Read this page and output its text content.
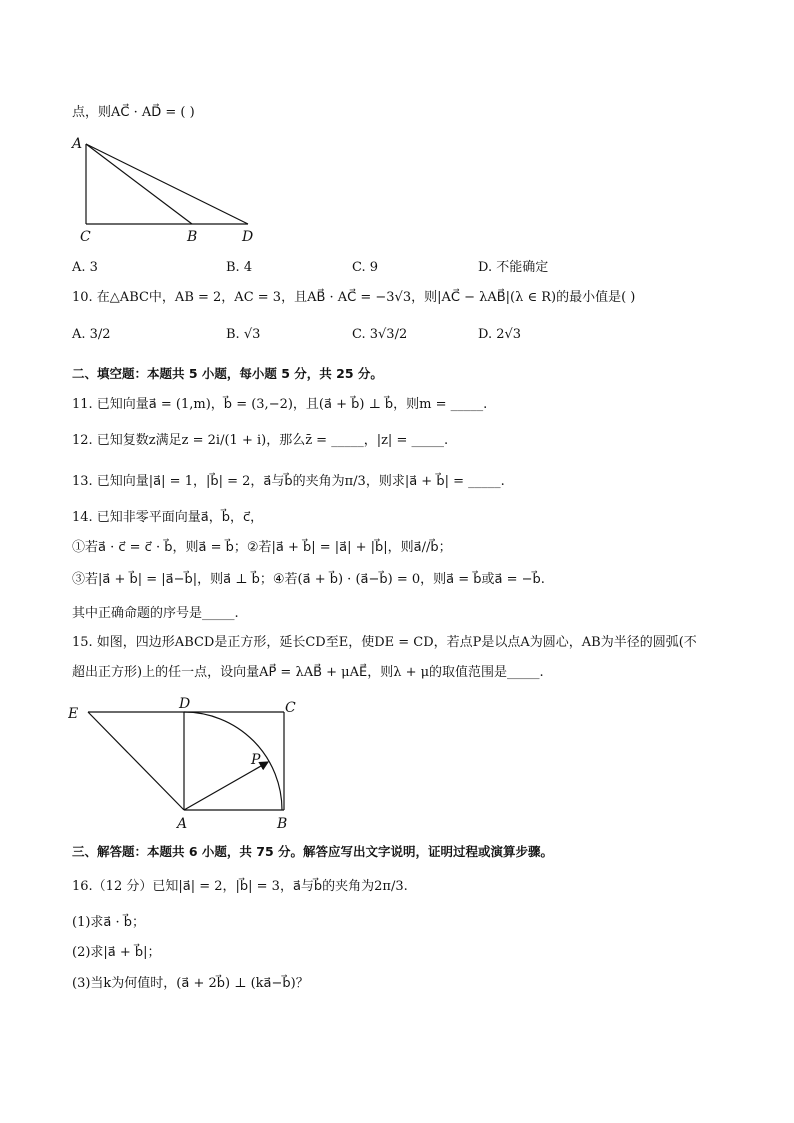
点，则AC⃗ · AD⃗ = ( )
A
C	B	D
A. 3	B. 4	C. 9	D. 不能确定
10. 在△ABC中，AB = 2，AC = 3，且AB⃗ · AC⃗ = −3√3，则|AC⃗ − λAB⃗|(λ ∈ R)的最小值是( )
A. 3/2	B. √3	C. 3√3/2	D. 2√3
二、填空题：本题共 5 小题，每小题 5 分，共 25 分。
11. 已知向量a⃗ = (1,m)，b⃗ = (3,−2)，且(a⃗ + b⃗) ⊥ b⃗，则m = _____.
12. 已知复数z满足z = 2i/(1 + i)，那么z̄ = _____，|z| = _____.
13. 已知向量|a⃗| = 1，|b⃗| = 2，a⃗与b⃗的夹角为π/3，则求|a⃗ + b⃗| = _____.
14. 已知非零平面向量a⃗，b⃗，c⃗，
①若a⃗ · c⃗ = c⃗ · b⃗，则a⃗ = b⃗；②若|a⃗ + b⃗| = |a⃗| + |b⃗|，则a⃗//b⃗；
③若|a⃗ + b⃗| = |a⃗−b⃗|，则a⃗ ⊥ b⃗；④若(a⃗ + b⃗) · (a⃗−b⃗) = 0，则a⃗ = b⃗或a⃗ = −b⃗.
其中正确命题的序号是_____.
15. 如图，四边形ABCD是正方形，延长CD至E，使DE = CD，若点P是以点A为圆心，AB为半径的圆弧(不
超出正方形)上的任一点，设向量AP⃗ = λAB⃗ + μAE⃗，则λ + μ的取值范围是_____.
E
D	C
P
A	B
三、解答题：本题共 6 小题，共 75 分。解答应写出文字说明，证明过程或演算步骤。
16.（12 分）已知|a⃗| = 2，|b⃗| = 3，a⃗与b⃗的夹角为2π/3.
(1)求a⃗ · b⃗；
(2)求|a⃗ + b⃗|；
(3)当k为何值时，(a⃗ + 2b⃗) ⊥ (ka⃗−b⃗)？
